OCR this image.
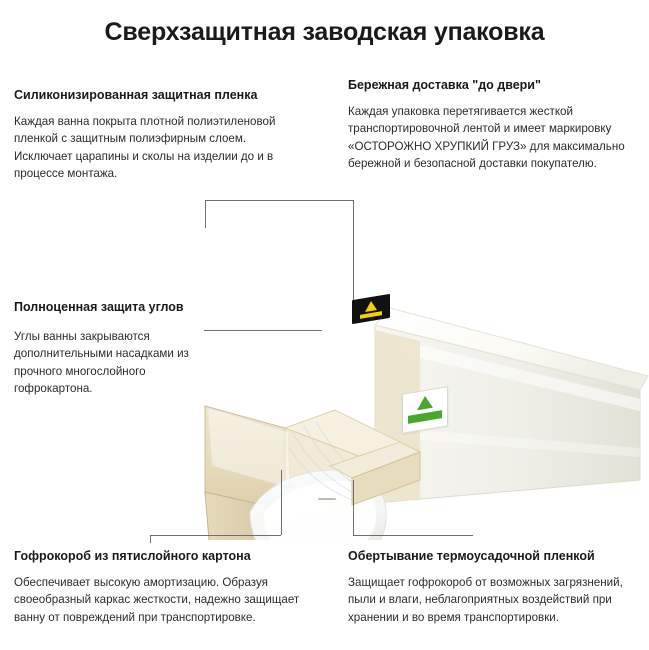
Сверхзащитная заводская упаковка
Силиконизированная защитная пленка

Каждая ванна покрыта плотной полиэтиленовой пленкой с защитным полиэфирным слоем. Исключает царапины и сколы на изделии до и в процессе монтажа.

Бережная доставка "до двери"

Каждая упаковка перетягивается жесткой транспортировочной лентой и имеет маркировку «ОСТОРОЖНО ХРУПКИЙ ГРУЗ» для максимально бережной и безопасной доставки покупателю.

Полноценная защита углов

Углы ванны закрываются дополнительными насадками из прочного многослойного гофрокартона.

Гофрокороб из пятислойного картона

Обеспечивает высокую амортизацию. Образуя своеобразный каркас жесткости, надежно защищает ванну от повреждений при транспортировке.

Обертывание термоусадочной пленкой

Защищает гофрокороб от возможных загрязнений, пыли и влаги, неблагоприятных воздействий при хранении и во время транспортировки.
